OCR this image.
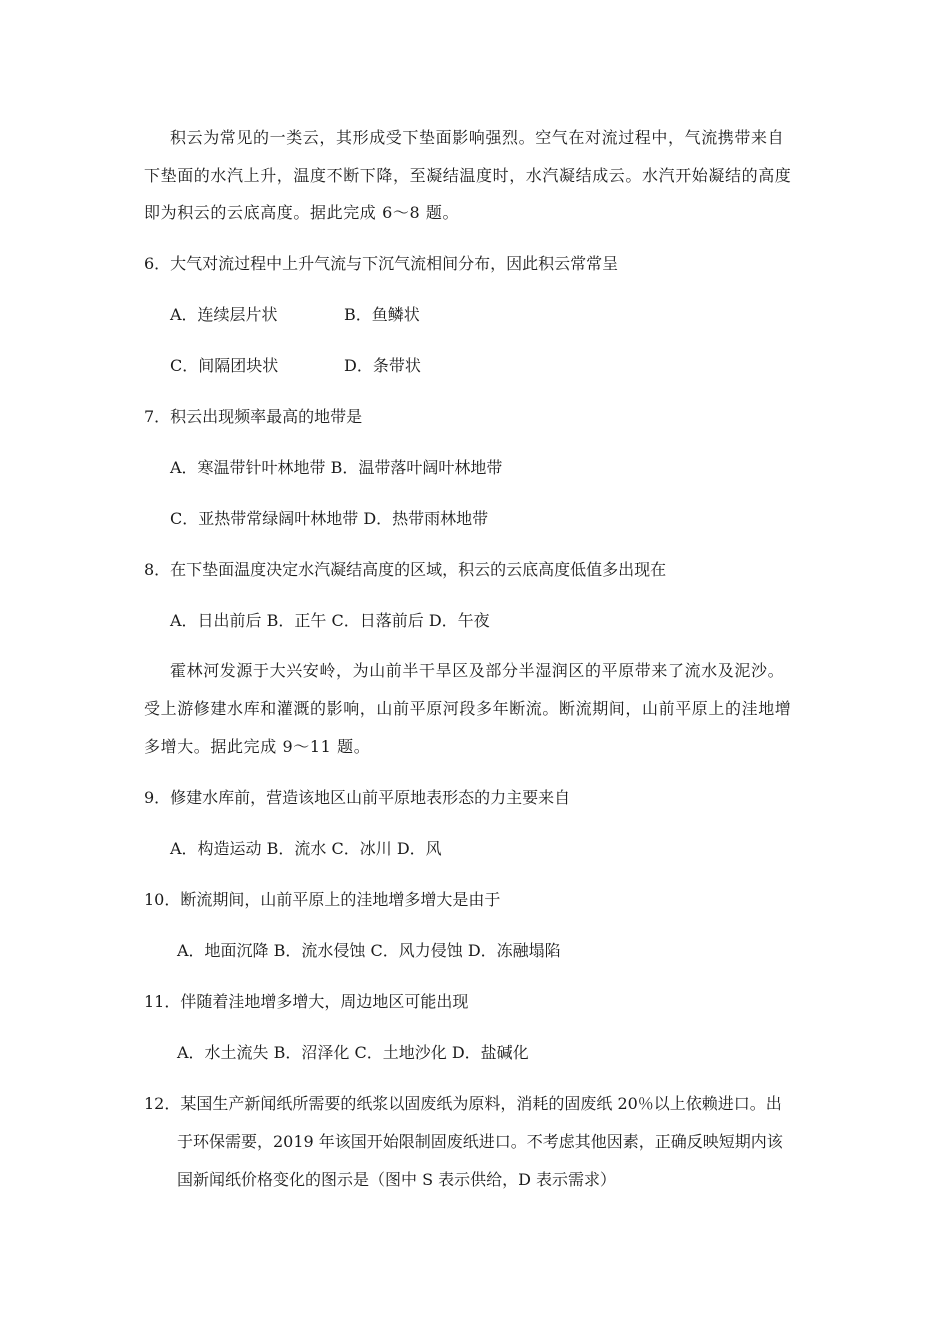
积云为常见的一类云，其形成受下垫面影响强烈。空气在对流过程中，气流携带来自
下垫面的水汽上升，温度不断下降，至凝结温度时，水汽凝结成云。水汽开始凝结的高度
即为积云的云底高度。据此完成 6～8 题。
6．大气对流过程中上升气流与下沉气流相间分布，因此积云常常呈
A．连续层片状	B．鱼鳞状
C．间隔团块状	D．条带状
7．积云出现频率最高的地带是
A．寒温带针叶林地带 B．温带落叶阔叶林地带
C．亚热带常绿阔叶林地带 D．热带雨林地带
8．在下垫面温度决定水汽凝结高度的区域，积云的云底高度低值多出现在
A．日出前后 B．正午 C．日落前后 D．午夜
霍林河发源于大兴安岭，为山前半干旱区及部分半湿润区的平原带来了流水及泥沙。
受上游修建水库和灌溉的影响，山前平原河段多年断流。断流期间，山前平原上的洼地增
多增大。据此完成 9～11 题。
9．修建水库前，营造该地区山前平原地表形态的力主要来自
A．构造运动 B．流水 C．冰川 D．风
10．断流期间，山前平原上的洼地增多增大是由于
A．地面沉降 B．流水侵蚀 C．风力侵蚀 D．冻融塌陷
11．伴随着洼地增多增大，周边地区可能出现
A．水土流失 B．沼泽化 C．土地沙化 D．盐碱化
12．某国生产新闻纸所需要的纸浆以固废纸为原料，消耗的固废纸 20％以上依赖进口。出
于环保需要，2019 年该国开始限制固废纸进口。不考虑其他因素，正确反映短期内该
国新闻纸价格变化的图示是（图中 S 表示供给，D 表示需求）
